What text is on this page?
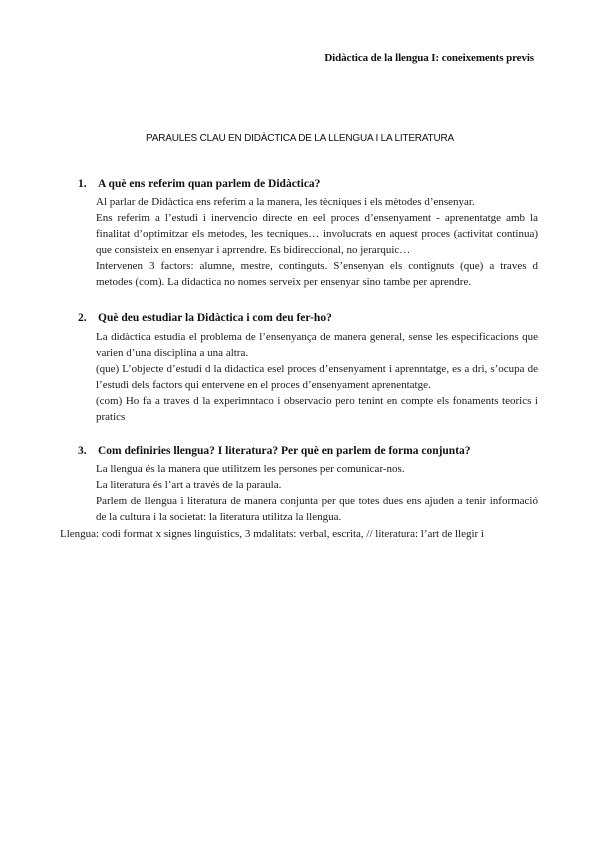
Didàctica de la llengua I: coneixements previs
PARAULES CLAU EN DIDÀCTICA DE LA LLENGUA I LA LITERATURA
1. A què ens referim quan parlem de Didàctica?

Al parlar de Didàctica ens referim a la manera, les tècniques i els mètodes d’ensenyar.

Ens referim a l’estudi i inervencio directe en eel proces d’ensenyament - aprenentatge amb la finalitat d’optimitzar els metodes, les tecniques… involucrats en aquest proces (activitat continua) que consisteix en ensenyar i aprrendre. Es bidireccional, no jerarquic…

Intervenen 3 factors: alumne, mestre, continguts. S’ensenyan els contignuts (que) a traves d metodes (com). La didactica no nomes serveix per ensenyar sino tambe per aprendre.

2. Què deu estudiar la Didàctica i com deu fer-ho?

La didàctica estudia el problema de l’ensenyança de manera general, sense les especificacions que varien d’una disciplina a una altra.

(que) L’objecte d’estudi d la didactica esel proces d’ensenyament i aprenntatge, es a dri, s’ocupa de l’estudi dels factors qui entervene en el proces d’ensenyament aprenentatge.

(com) Ho fa a traves d la experimntaco i observacio pero tenint en compte els fonaments teorics i pratics

3. Com definiries llengua? I literatura? Per què en parlem de forma conjunta?

La llengua és la manera que utilitzem les persones per comunicar-nos.

La literatura és l’art a través de la paraula.

Parlem de llengua i literatura de manera conjunta per que totes dues ens ajuden a tenir informació de la cultura i la societat: la literatura utilitza la llengua.

Llengua: codi format x signes linguistics, 3 mdalitats: verbal, escrita, // literatura: l’art de llegir i
